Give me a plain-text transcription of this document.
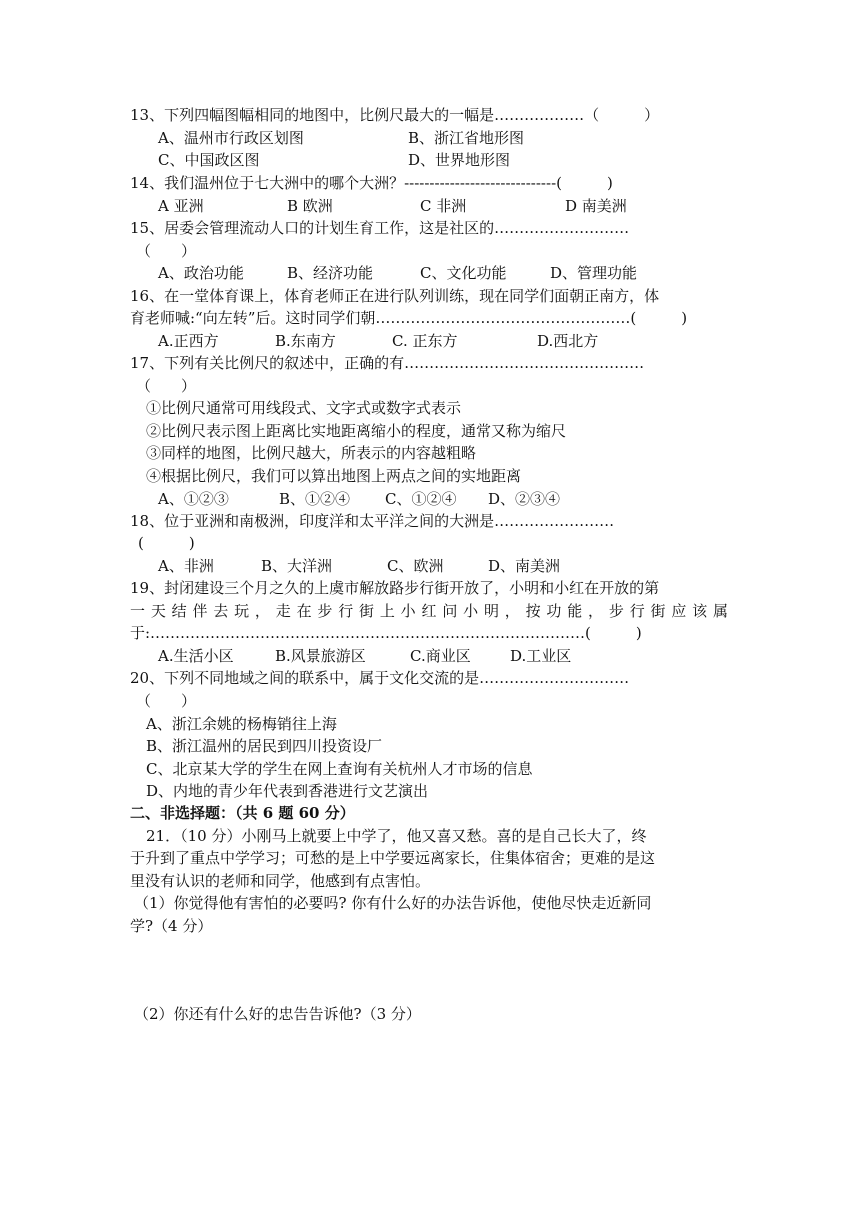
13、下列四幅图幅相同的地图中，比例尺最大的一幅是………………（　　　）
A、温州市行政区划图	B、浙江省地形图
C、中国政区图	D、世界地形图
14、我们温州位于七大洲中的哪个大洲？------------------------------(　　　)
A 亚洲	B 欧洲	C 非洲	D 南美洲
15、居委会管理流动人口的计划生育工作，这是社区的………………………
（　　）
A、政治功能	B、经济功能	C、文化功能	D、管理功能
16、在一堂体育课上，体育老师正在进行队列训练，现在同学们面朝正南方，体
育老师喊:“向左转”后。这时同学们朝……………………………………………(　　　)
A.正西方	B.东南方	C. 正东方	D.西北方
17、下列有关比例尺的叙述中，正确的有…………………………………………
（　　）
①比例尺通常可用线段式、文字式或数字式表示
②比例尺表示图上距离比实地距离缩小的程度，通常又称为缩尺
③同样的地图，比例尺越大，所表示的内容越粗略
④根据比例尺，我们可以算出地图上两点之间的实地距离
A、①②③	B、①②④ C、①②④ D、②③④
18、位于亚洲和南极洲，印度洋和太平洋之间的大洲是……………………
(　　　)
A、非洲	B、大洋洲	C、欧洲	D、南美洲
19、封闭建设三个月之久的上虞市解放路步行街开放了，小明和小红在开放的第
一天结伴去玩，走在步行街上小红问小明，按功能，步行街应该属
于:……………………………………………………………………………(　　　)
A.生活小区	B.风景旅游区	C.商业区	D.工业区
20、下列不同地域之间的联系中，属于文化交流的是…………………………
（　　）
A、浙江余姚的杨梅销往上海
B、浙江温州的居民到四川投资设厂
C、北京某大学的学生在网上查询有关杭州人才市场的信息
D、内地的青少年代表到香港进行文艺演出
二、非选择题：（共 6 题 60 分）
21．（10 分）小刚马上就要上中学了，他又喜又愁。喜的是自己长大了，终
于升到了重点中学学习；可愁的是上中学要远离家长，住集体宿舍；更难的是这
里没有认识的老师和同学，他感到有点害怕。
（1）你觉得他有害怕的必要吗? 你有什么好的办法告诉他，使他尽快走近新同
学?（4 分）
（2）你还有什么好的忠告告诉他?（3 分）
